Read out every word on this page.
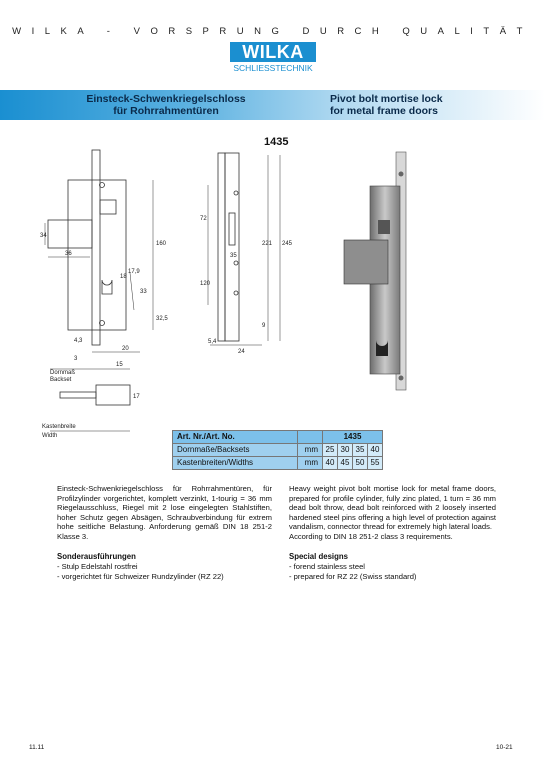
WILKA - VORSPRUNG DURCH QUALITÄT
WILKA
SCHLIESSTECHNIK
Einsteck-Schwenkriegelschloss
für Rohrrahmentüren
Pivot bolt mortise lock
for metal frame doors
1435
34
36
18
17,9
33
160
32,5
20
4,3
3
15
17
72
35
120
221 245
5,4
24
9
Dornmaß
Backset
Kastenbreite
Width	Art. Nr./Art. No.		1435			
Dornmaße/Backsets	mm	25	30	35	40
Kastenbreiten/Widths	mm	40	45	50	55

Einsteck-Schwenkriegelschloss für Rohrrahmentüren, für Profilzylinder vorgerichtet, komplett verzinkt, 1-tourig = 36 mm Riegelausschluss, Riegel mit 2 lose eingelegten Stahlstiften, hoher Schutz gegen Absägen, Schraubverbindung für extrem hohe seitliche Belastung. Anforderung gemäß DIN 18 251-2 Klasse 3.

Sonderausführungen
- Stulp Edelstahl rostfrei
- vorgerichtet für Schweizer Rundzylinder (RZ 22)

Heavy weight pivot bolt mortise lock for metal frame doors, prepared for profile cylinder, fully zinc plated, 1 turn = 36 mm dead bolt throw, dead bolt reinforced with 2 loosely inserted hardened steel pins offering a high level of protection against vandalism, connector thread for extremely high lateral loads.

According to DIN 18 251-2 class 3 requirements.

Special designs
- forend stainless steel
- prepared for RZ 22 (Swiss standard)
11.11	10-21
